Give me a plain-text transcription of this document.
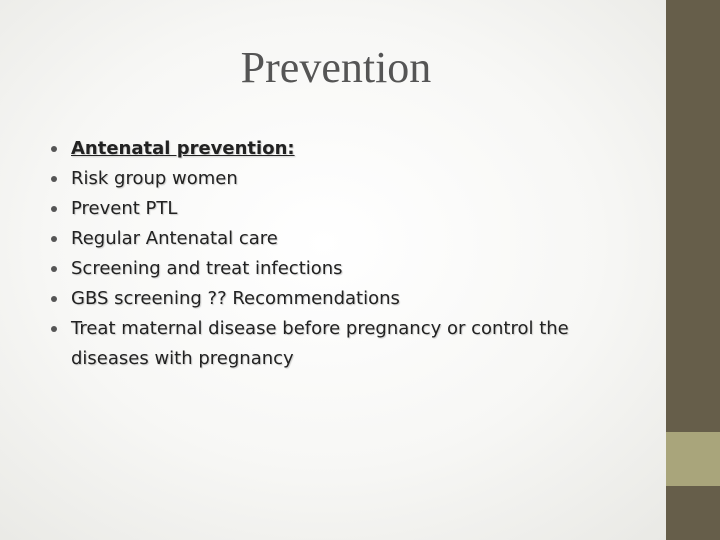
Prevention
Antenatal prevention:
Risk group women
Prevent PTL
Regular Antenatal care
Screening and treat infections
GBS screening ?? Recommendations
Treat maternal disease before pregnancy or control the diseases with pregnancy
